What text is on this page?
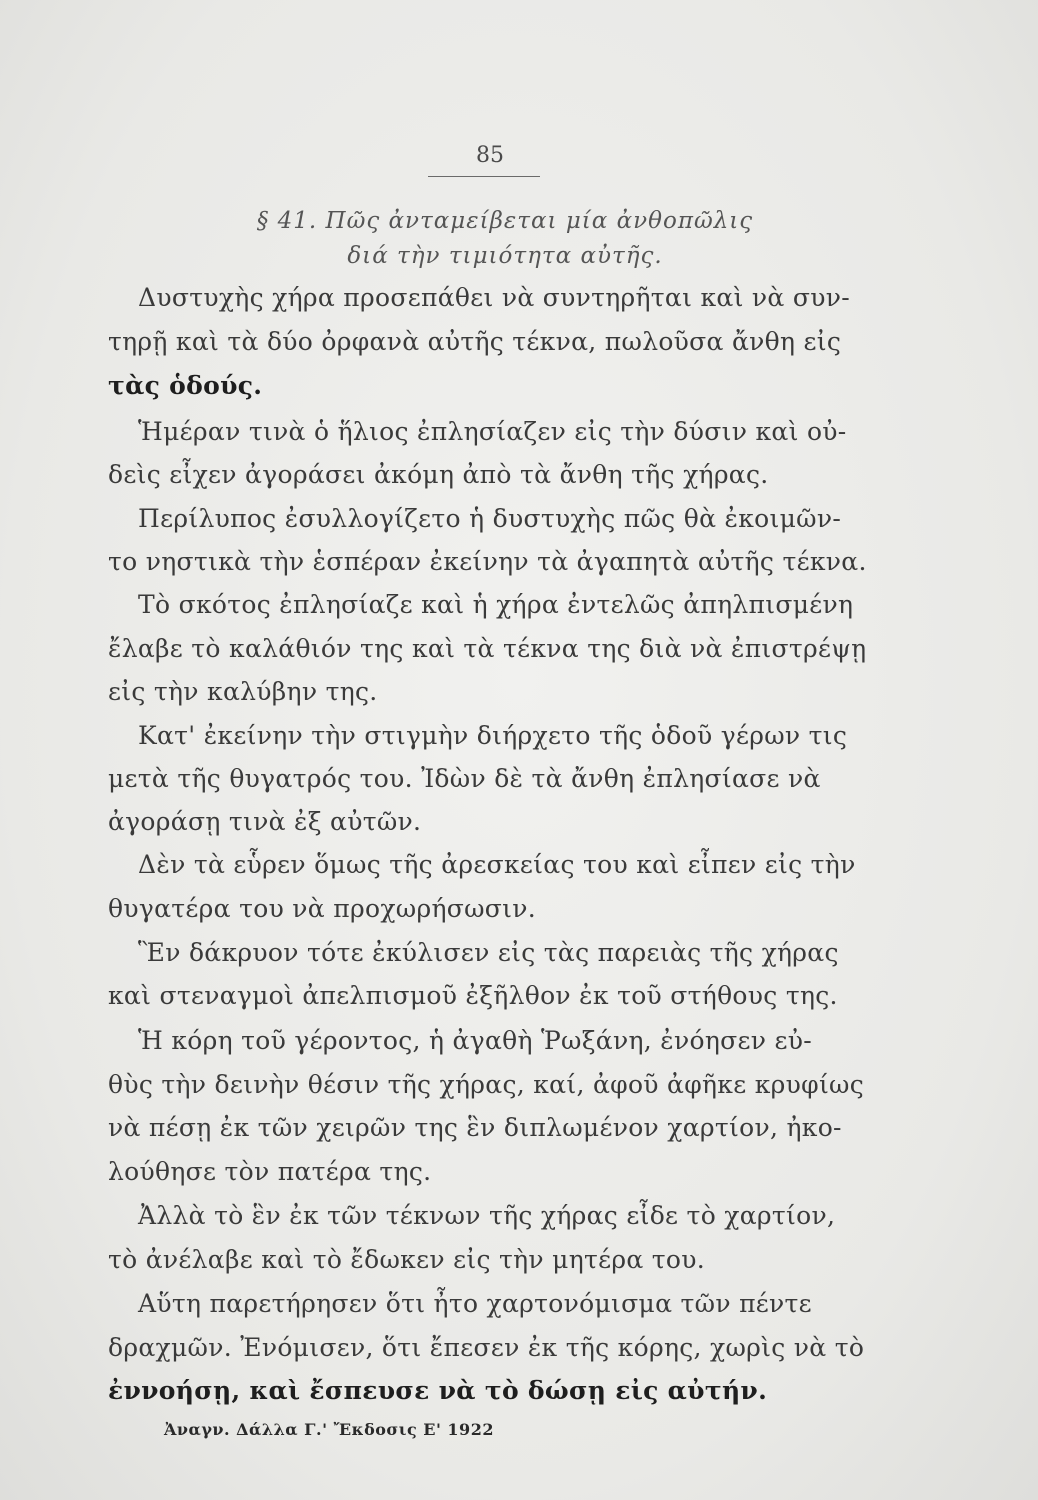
85
§ 41. Πῶς ἀνταμείβεται μία ἀνθοπῶλις
διά τὴν τιμιότητα αὐτῆς.
Δυστυχὴς χήρα προσεπάθει νὰ συντηρῆται καὶ νὰ συν-
τηρῇ καὶ τὰ δύο ὀρφανὰ αὐτῆς τέκνα, πωλοῦσα ἄνθη εἰς
τὰς ὁδούς.
Ἡμέραν τινὰ ὁ ἥλιος ἐπλησίαζεν εἰς τὴν δύσιν καὶ οὐ-
δεὶς εἶχεν ἀγοράσει ἀκόμη ἀπὸ τὰ ἄνθη τῆς χήρας.
Περίλυπος ἐσυλλογίζετο ἡ δυστυχὴς πῶς θὰ ἐκοιμῶν-
το νηστικὰ τὴν ἑσπέραν ἐκείνην τὰ ἀγαπητὰ αὐτῆς τέκνα.
Τὸ σκότος ἐπλησίαζε καὶ ἡ χήρα ἐντελῶς ἀπηλπισμένη
ἔλαβε τὸ καλάθιόν της καὶ τὰ τέκνα της διὰ νὰ ἐπιστρέψῃ
εἰς τὴν καλύβην της.
Κατ' ἐκείνην τὴν στιγμὴν διήρχετο τῆς ὁδοῦ γέρων τις
μετὰ τῆς θυγατρός του. Ἰδὼν δὲ τὰ ἄνθη ἐπλησίασε νὰ
ἀγοράσῃ τινὰ ἐξ αὐτῶν.
Δὲν τὰ εὗρεν ὅμως τῆς ἀρεσκείας του καὶ εἶπεν εἰς τὴν
θυγατέρα του νὰ προχωρήσωσιν.
Ἓν δάκρυον τότε ἐκύλισεν εἰς τὰς παρειὰς τῆς χήρας
καὶ στεναγμοὶ ἀπελπισμοῦ ἐξῆλθον ἐκ τοῦ στήθους της.
Ἡ κόρη τοῦ γέροντος, ἡ ἀγαθὴ Ῥωξάνη, ἐνόησεν εὐ-
θὺς τὴν δεινὴν θέσιν τῆς χήρας, καί, ἀφοῦ ἀφῆκε κρυφίως
νὰ πέσῃ ἐκ τῶν χειρῶν της ἓν διπλωμένον χαρτίον, ἠκο-
λούθησε τὸν πατέρα της.
Ἀλλὰ τὸ ἓν ἐκ τῶν τέκνων τῆς χήρας εἶδε τὸ χαρτίον,
τὸ ἀνέλαβε καὶ τὸ ἔδωκεν εἰς τὴν μητέρα του.
Αὕτη παρετήρησεν ὅτι ἦτο χαρτονόμισμα τῶν πέντε
δραχμῶν. Ἐνόμισεν, ὅτι ἔπεσεν ἐκ τῆς κόρης, χωρὶς νὰ τὸ
ἐννοήσῃ, καὶ ἔσπευσε νὰ τὸ δώσῃ εἰς αὐτήν.
Ἀναγν. Δάλλα Γ.' Ἔκδοσις Ε' 1922
